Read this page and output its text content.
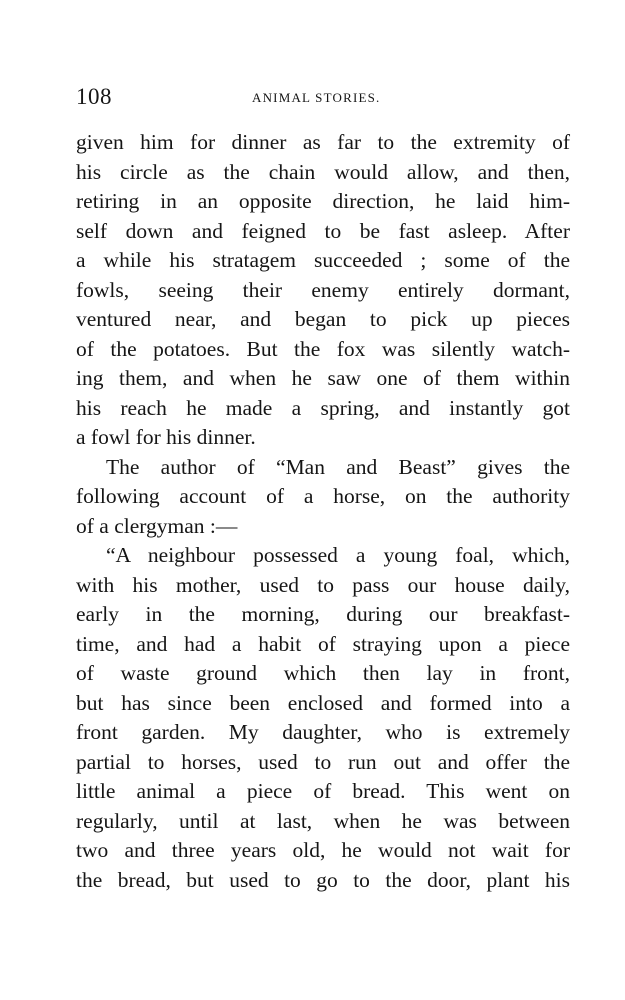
108	ANIMAL STORIES.
given him for dinner as far to the extremity of
his circle as the chain would allow, and then,
retiring in an opposite direction, he laid him-
self down and feigned to be fast asleep. After
a while his stratagem succeeded ; some of the
fowls, seeing their enemy entirely dormant,
ventured near, and began to pick up pieces
of the potatoes. But the fox was silently watch-
ing them, and when he saw one of them within
his reach he made a spring, and instantly got
a fowl for his dinner.
The author of “Man and Beast” gives the
following account of a horse, on the authority
of a clergyman :—
“A neighbour possessed a young foal, which,
with his mother, used to pass our house daily,
early in the morning, during our breakfast-
time, and had a habit of straying upon a piece
of waste ground which then lay in front,
but has since been enclosed and formed into a
front garden. My daughter, who is extremely
partial to horses, used to run out and offer the
little animal a piece of bread. This went on
regularly, until at last, when he was between
two and three years old, he would not wait for
the bread, but used to go to the door, plant his
